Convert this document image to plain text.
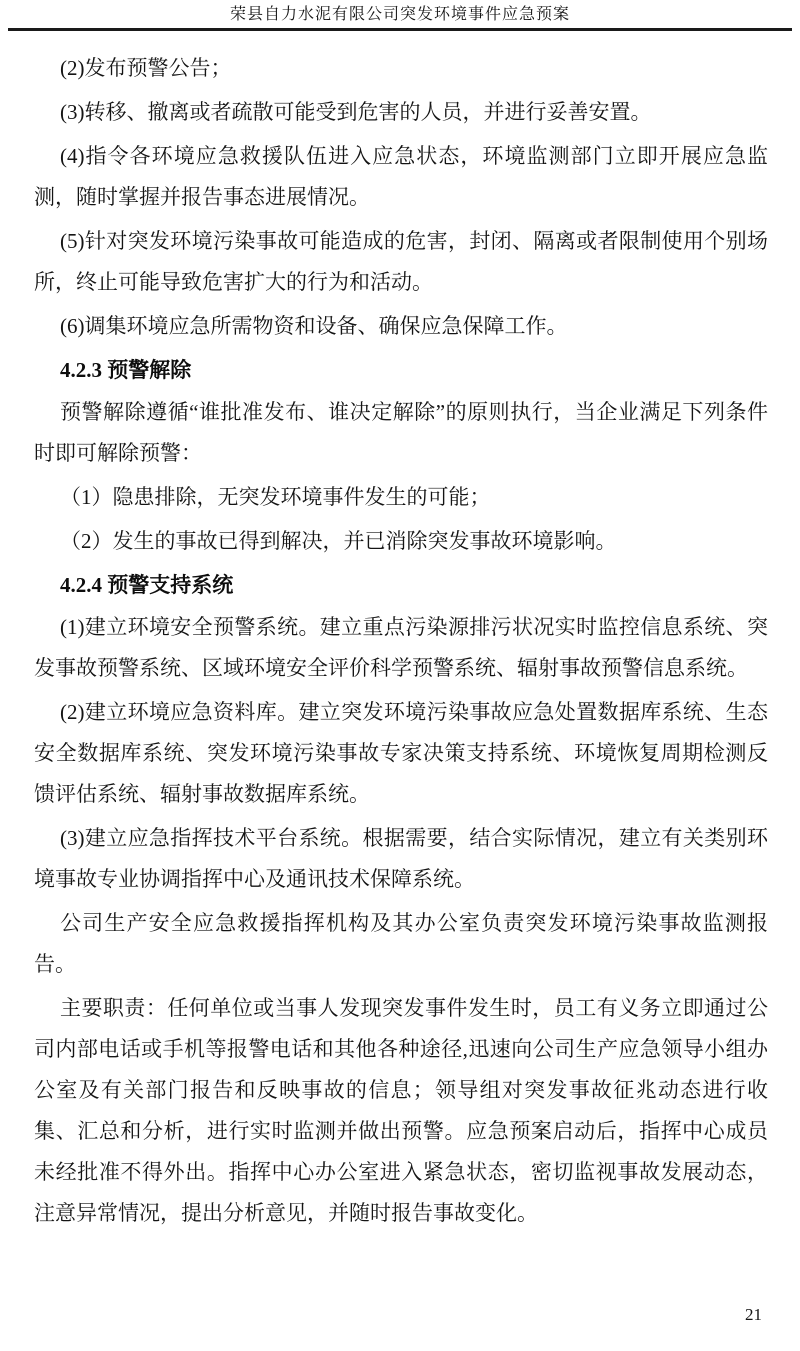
荣县自力水泥有限公司突发环境事件应急预案

(2)发布预警公告；

(3)转移、撤离或者疏散可能受到危害的人员，并进行妥善安置。

(4)指令各环境应急救援队伍进入应急状态，环境监测部门立即开展应急监测，随时掌握并报告事态进展情况。

(5)针对突发环境污染事故可能造成的危害，封闭、隔离或者限制使用个别场所，终止可能导致危害扩大的行为和活动。

(6)调集环境应急所需物资和设备、确保应急保障工作。

4.2.3 预警解除

预警解除遵循“谁批准发布、谁决定解除”的原则执行，当企业满足下列条件时即可解除预警：

（1）隐患排除，无突发环境事件发生的可能；

（2）发生的事故已得到解决，并已消除突发事故环境影响。

4.2.4 预警支持系统

(1)建立环境安全预警系统。建立重点污染源排污状况实时监控信息系统、突发事故预警系统、区域环境安全评价科学预警系统、辐射事故预警信息系统。

(2)建立环境应急资料库。建立突发环境污染事故应急处置数据库系统、生态安全数据库系统、突发环境污染事故专家决策支持系统、环境恢复周期检测反馈评估系统、辐射事故数据库系统。

(3)建立应急指挥技术平台系统。根据需要，结合实际情况，建立有关类别环境事故专业协调指挥中心及通讯技术保障系统。

公司生产安全应急救援指挥机构及其办公室负责突发环境污染事故监测报告。

主要职责：任何单位或当事人发现突发事件发生时，员工有义务立即通过公司内部电话或手机等报警电话和其他各种途径,迅速向公司生产应急领导小组办公室及有关部门报告和反映事故的信息；领导组对突发事故征兆动态进行收集、汇总和分析，进行实时监测并做出预警。应急预案启动后，指挥中心成员未经批准不得外出。指挥中心办公室进入紧急状态，密切监视事故发展动态，注意异常情况，提出分析意见，并随时报告事故变化。

21
